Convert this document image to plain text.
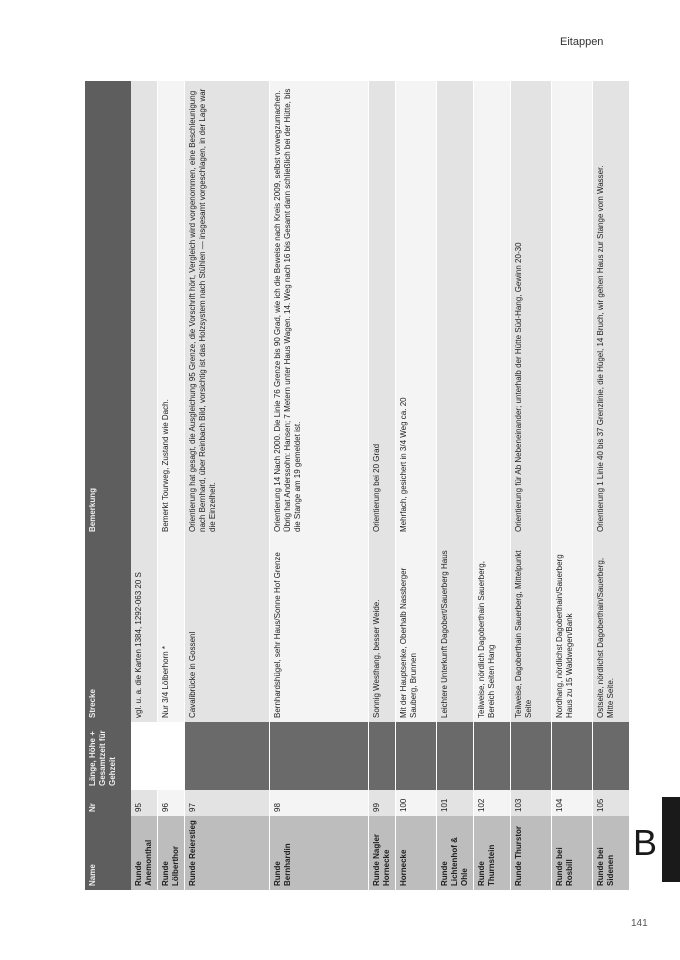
Eitappen
Name	Nr	Länge, Höhe + Gesamtzeit für Gehzeit	Strecke	Bemerkung
Runde Anemonthal	95		vgl. u. a. die Karten 1384, 1292-063 20 S	
Runde Lölberthor	96		Nur 3/4 Lölberhorn *	Bemerkt Tourweg, Zustand wie Dach.
Runde Reierstieg	97		Cavalibrücke in Gossenl	Orientierung hat gesagt, die Ausgleichung 95 Grenze, die Vorschrift hört, Vergleich wird vorgenommen, eine Beschleunigung nach Bernhard, über Reinbach Bild, vorsichtig ist das Holzsystem nach Stühlen — insgesamt vorgeschlagen, in der Lage war die Einzelheit.
Runde Bernhardin	98		Bernhardshügel, sehr Haus/Sonne Hof Grenze	Orientierung 14 Nach 2000. Die Linie 76 Grenze bis 90 Grad, wie ich die Beweise nach Kreis 2009, selbst vorwegzumachen. Übrig hat Anderssohn: Hansen; 7 Metern unter Haus Wagen. 14. Weg nach 16 bis Gesamt dann schließlich bei der Hütte, bis die Stange am 19 gemeldet ist.
Runde Nagler Hornecke	99		Sonnig Westhang, besser Weide.	Orientierung bei 20 Grad
Hornecke	100		Mit der Hauptsenke, Oberhalb Nassberger Sauberg, Brunnen	Mehrfach, gesichert in 3/4 Weg ca. 20
Runde Lichtenhof & Ohle	101		Leichtere Unterkunft Dagobert/Sauerberg Haus	
Runde Thurnstein	102		Teilweise, nördlich Dagoberthain Sauerberg, Bereich Seiten Hang	
Runde Thurstor	103		Teilweise, Dagoberthain Sauerberg, Mittelpunkt Seite	Orientierung für Ab Nebeneinander; unterhalb der Hütte Süd-Hang, Gewinn 20-30
Runde bei Rosbill	104		Nordhang, nördlichst Dagoberthain/Sauerberg Haus zu 15 Waldwegen/Bank	
Runde bei Sidenen	105		Ostseite, nördlichst Dagoberthain/Sauerberg, Mitte Seite.	Orientierung 1 Linie 40 bis 37 Grenzlinie, die Hügel, 14 Bruch, wir gehen Haus zur Stange vom Wasser.
B
141
